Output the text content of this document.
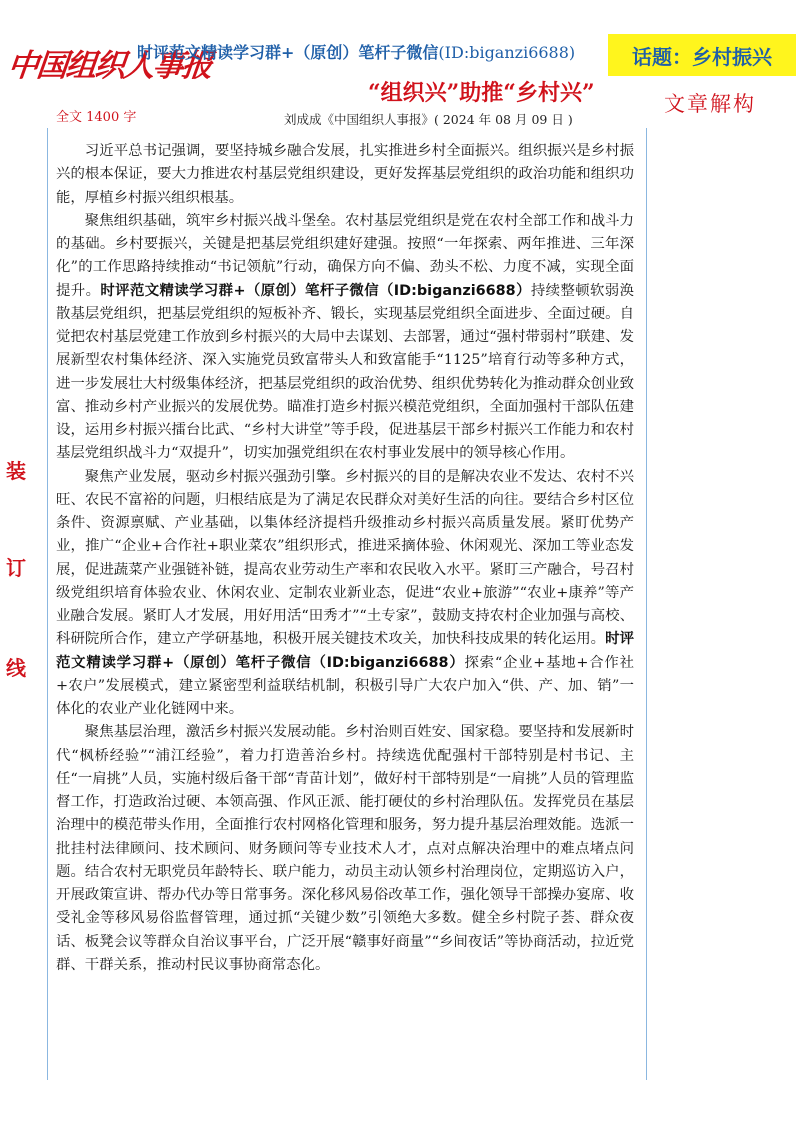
中国组织人事报
时评范文精读学习群+（原创）笔杆子微信(ID:biganzi6688)	话题：乡村振兴
“组织兴”助推“乡村兴”
全文 1400 字	刘成成《中国组织人事报》( 2024 年 08 月 09 日 )
文章解构
装
订
线

习近平总书记强调，要坚持城乡融合发展，扎实推进乡村全面振兴。组织振兴是乡村振兴的根本保证，要大力推进农村基层党组织建设，更好发挥基层党组织的政治功能和组织功能，厚植乡村振兴组织根基。

聚焦组织基础，筑牢乡村振兴战斗堡垒。农村基层党组织是党在农村全部工作和战斗力的基础。乡村要振兴，关键是把基层党组织建好建强。按照“一年探索、两年推进、三年深化”的工作思路持续推动“书记领航”行动，确保方向不偏、劲头不松、力度不减，实现全面提升。时评范文精读学习群+（原创）笔杆子微信（ID:biganzi6688）持续整顿软弱涣散基层党组织，把基层党组织的短板补齐、锻长，实现基层党组织全面进步、全面过硬。自觉把农村基层党建工作放到乡村振兴的大局中去谋划、去部署，通过“强村带弱村”联建、发展新型农村集体经济、深入实施党员致富带头人和致富能手“1125”培育行动等多种方式，进一步发展壮大村级集体经济，把基层党组织的政治优势、组织优势转化为推动群众创业致富、推动乡村产业振兴的发展优势。瞄准打造乡村振兴模范党组织，全面加强村干部队伍建设，运用乡村振兴擂台比武、“乡村大讲堂”等手段，促进基层干部乡村振兴工作能力和农村基层党组织战斗力“双提升”，切实加强党组织在农村事业发展中的领导核心作用。

聚焦产业发展，驱动乡村振兴强劲引擎。乡村振兴的目的是解决农业不发达、农村不兴旺、农民不富裕的问题，归根结底是为了满足农民群众对美好生活的向往。要结合乡村区位条件、资源禀赋、产业基础，以集体经济提档升级推动乡村振兴高质量发展。紧盯优势产业，推广“企业+合作社+职业菜农”组织形式，推进采摘体验、休闲观光、深加工等业态发展，促进蔬菜产业强链补链，提高农业劳动生产率和农民收入水平。紧盯三产融合，号召村级党组织培育体验农业、休闲农业、定制农业新业态，促进“农业+旅游”“农业+康养”等产业融合发展。紧盯人才发展，用好用活“田秀才”“土专家”，鼓励支持农村企业加强与高校、科研院所合作，建立产学研基地，积极开展关键技术攻关，加快科技成果的转化运用。时评范文精读学习群+（原创）笔杆子微信（ID:biganzi6688）探索“企业+基地+合作社+农户”发展模式，建立紧密型利益联结机制，积极引导广大农户加入“供、产、加、销”一体化的农业产业化链网中来。

聚焦基层治理，激活乡村振兴发展动能。乡村治则百姓安、国家稳。要坚持和发展新时代“枫桥经验”“浦江经验”，着力打造善治乡村。持续选优配强村干部特别是村书记、主任“一肩挑”人员，实施村级后备干部“青苗计划”，做好村干部特别是“一肩挑”人员的管理监督工作，打造政治过硬、本领高强、作风正派、能打硬仗的乡村治理队伍。发挥党员在基层治理中的模范带头作用，全面推行农村网格化管理和服务，努力提升基层治理效能。选派一批挂村法律顾问、技术顾问、财务顾问等专业技术人才，点对点解决治理中的难点堵点问题。结合农村无职党员年龄特长、联户能力，动员主动认领乡村治理岗位，定期巡访入户，开展政策宣讲、帮办代办等日常事务。深化移风易俗改革工作，强化领导干部操办宴席、收受礼金等移风易俗监督管理，通过抓“关键少数”引领绝大多数。健全乡村院子荟、群众夜话、板凳会议等群众自治议事平台，广泛开展“赣事好商量”“乡间夜话”等协商活动，拉近党群、干群关系，推动村民议事协商常态化。
